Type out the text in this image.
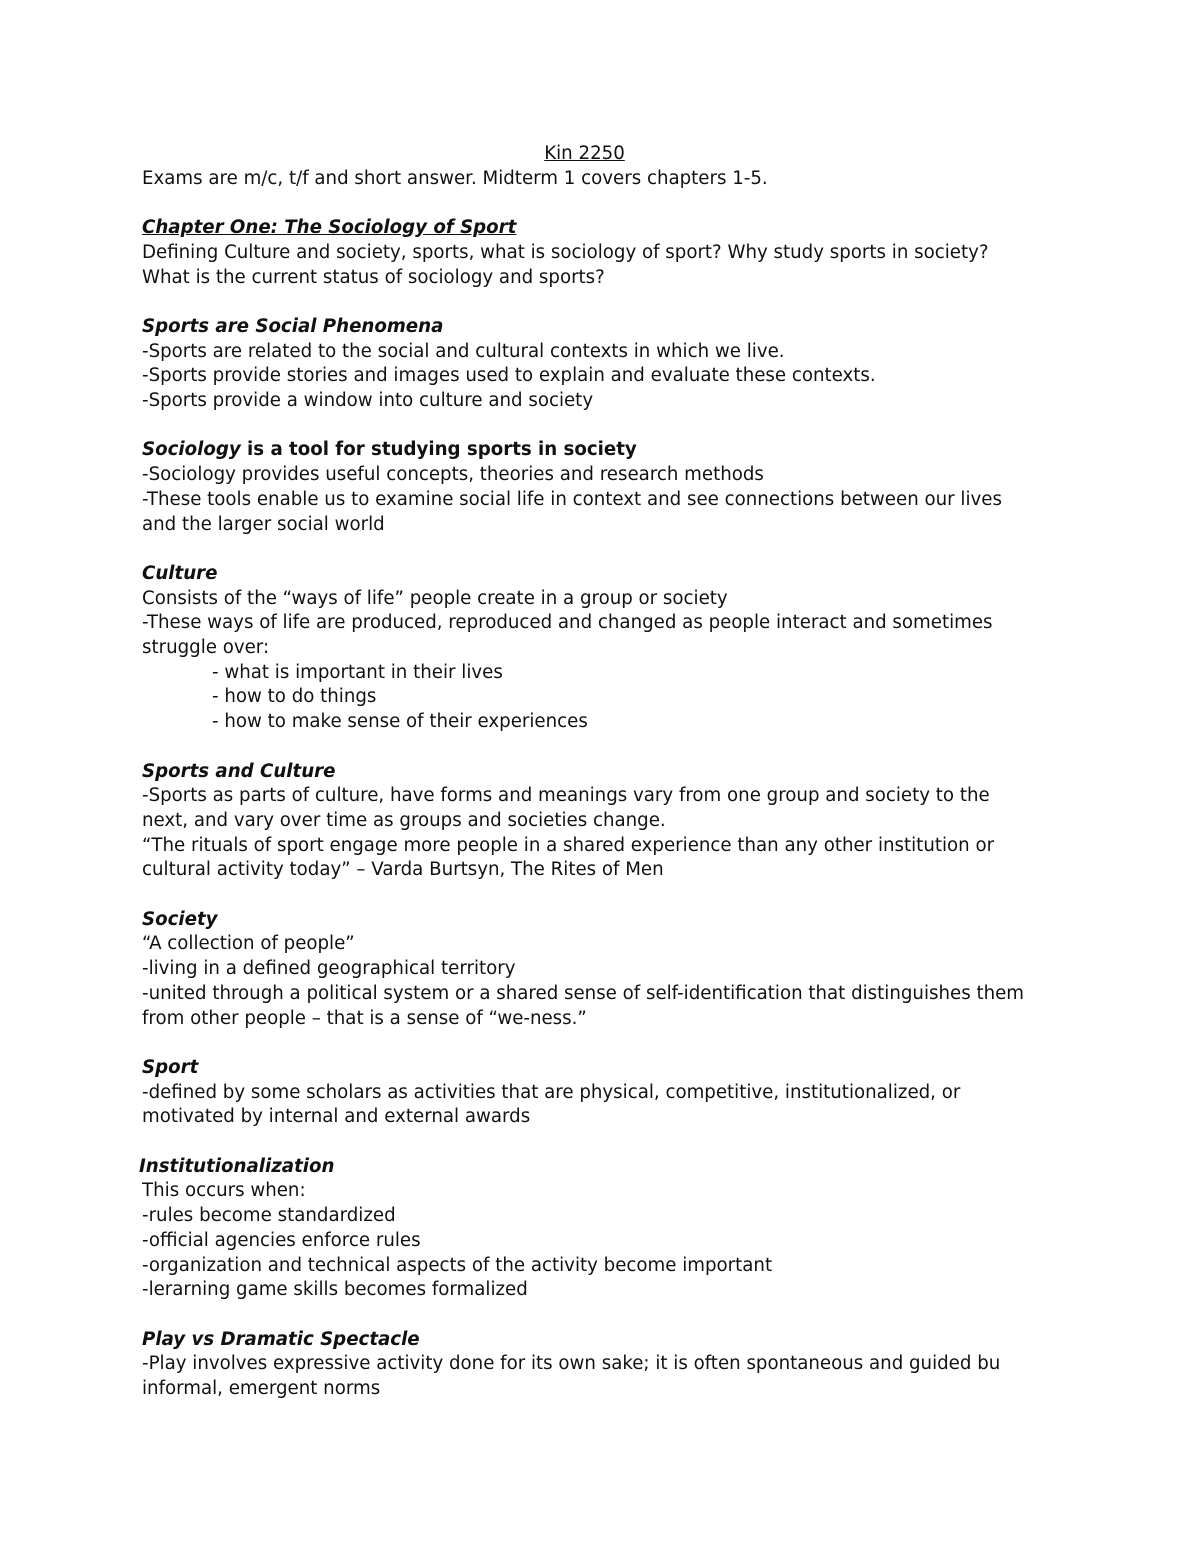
Kin 2250
Exams are m/c, t/f and short answer. Midterm 1 covers chapters 1-5.
Chapter One: The Sociology of Sport
Defining Culture and society, sports, what is sociology of sport? Why study sports in society?
What is the current status of sociology and sports?
Sports are Social Phenomena
-Sports are related to the social and cultural contexts in which we live.
-Sports provide stories and images used to explain and evaluate these contexts.
-Sports provide a window into culture and society
Sociology is a tool for studying sports in society
-Sociology provides useful concepts, theories and research methods
-These tools enable us to examine social life in context and see connections between our lives
and the larger social world
Culture
Consists of the “ways of life” people create in a group or society
-These ways of life are produced, reproduced and changed as people interact and sometimes
struggle over:
- what is important in their lives
- how to do things
- how to make sense of their experiences
Sports and Culture
-Sports as parts of culture, have forms and meanings vary from one group and society to the
next, and vary over time as groups and societies change.
“The rituals of sport engage more people in a shared experience than any other institution or
cultural activity today” – Varda Burtsyn, The Rites of Men
Society
“A collection of people”
-living in a defined geographical territory
-united through a political system or a shared sense of self-identification that distinguishes them
from other people – that is a sense of “we-ness.”
Sport
-defined by some scholars as activities that are physical, competitive, institutionalized, or
motivated by internal and external awards
Institutionalization
This occurs when:
-rules become standardized
-official agencies enforce rules
-organization and technical aspects of the activity become important
-lerarning game skills becomes formalized
Play vs Dramatic Spectacle
-Play involves expressive activity done for its own sake; it is often spontaneous and guided bu
informal, emergent norms
